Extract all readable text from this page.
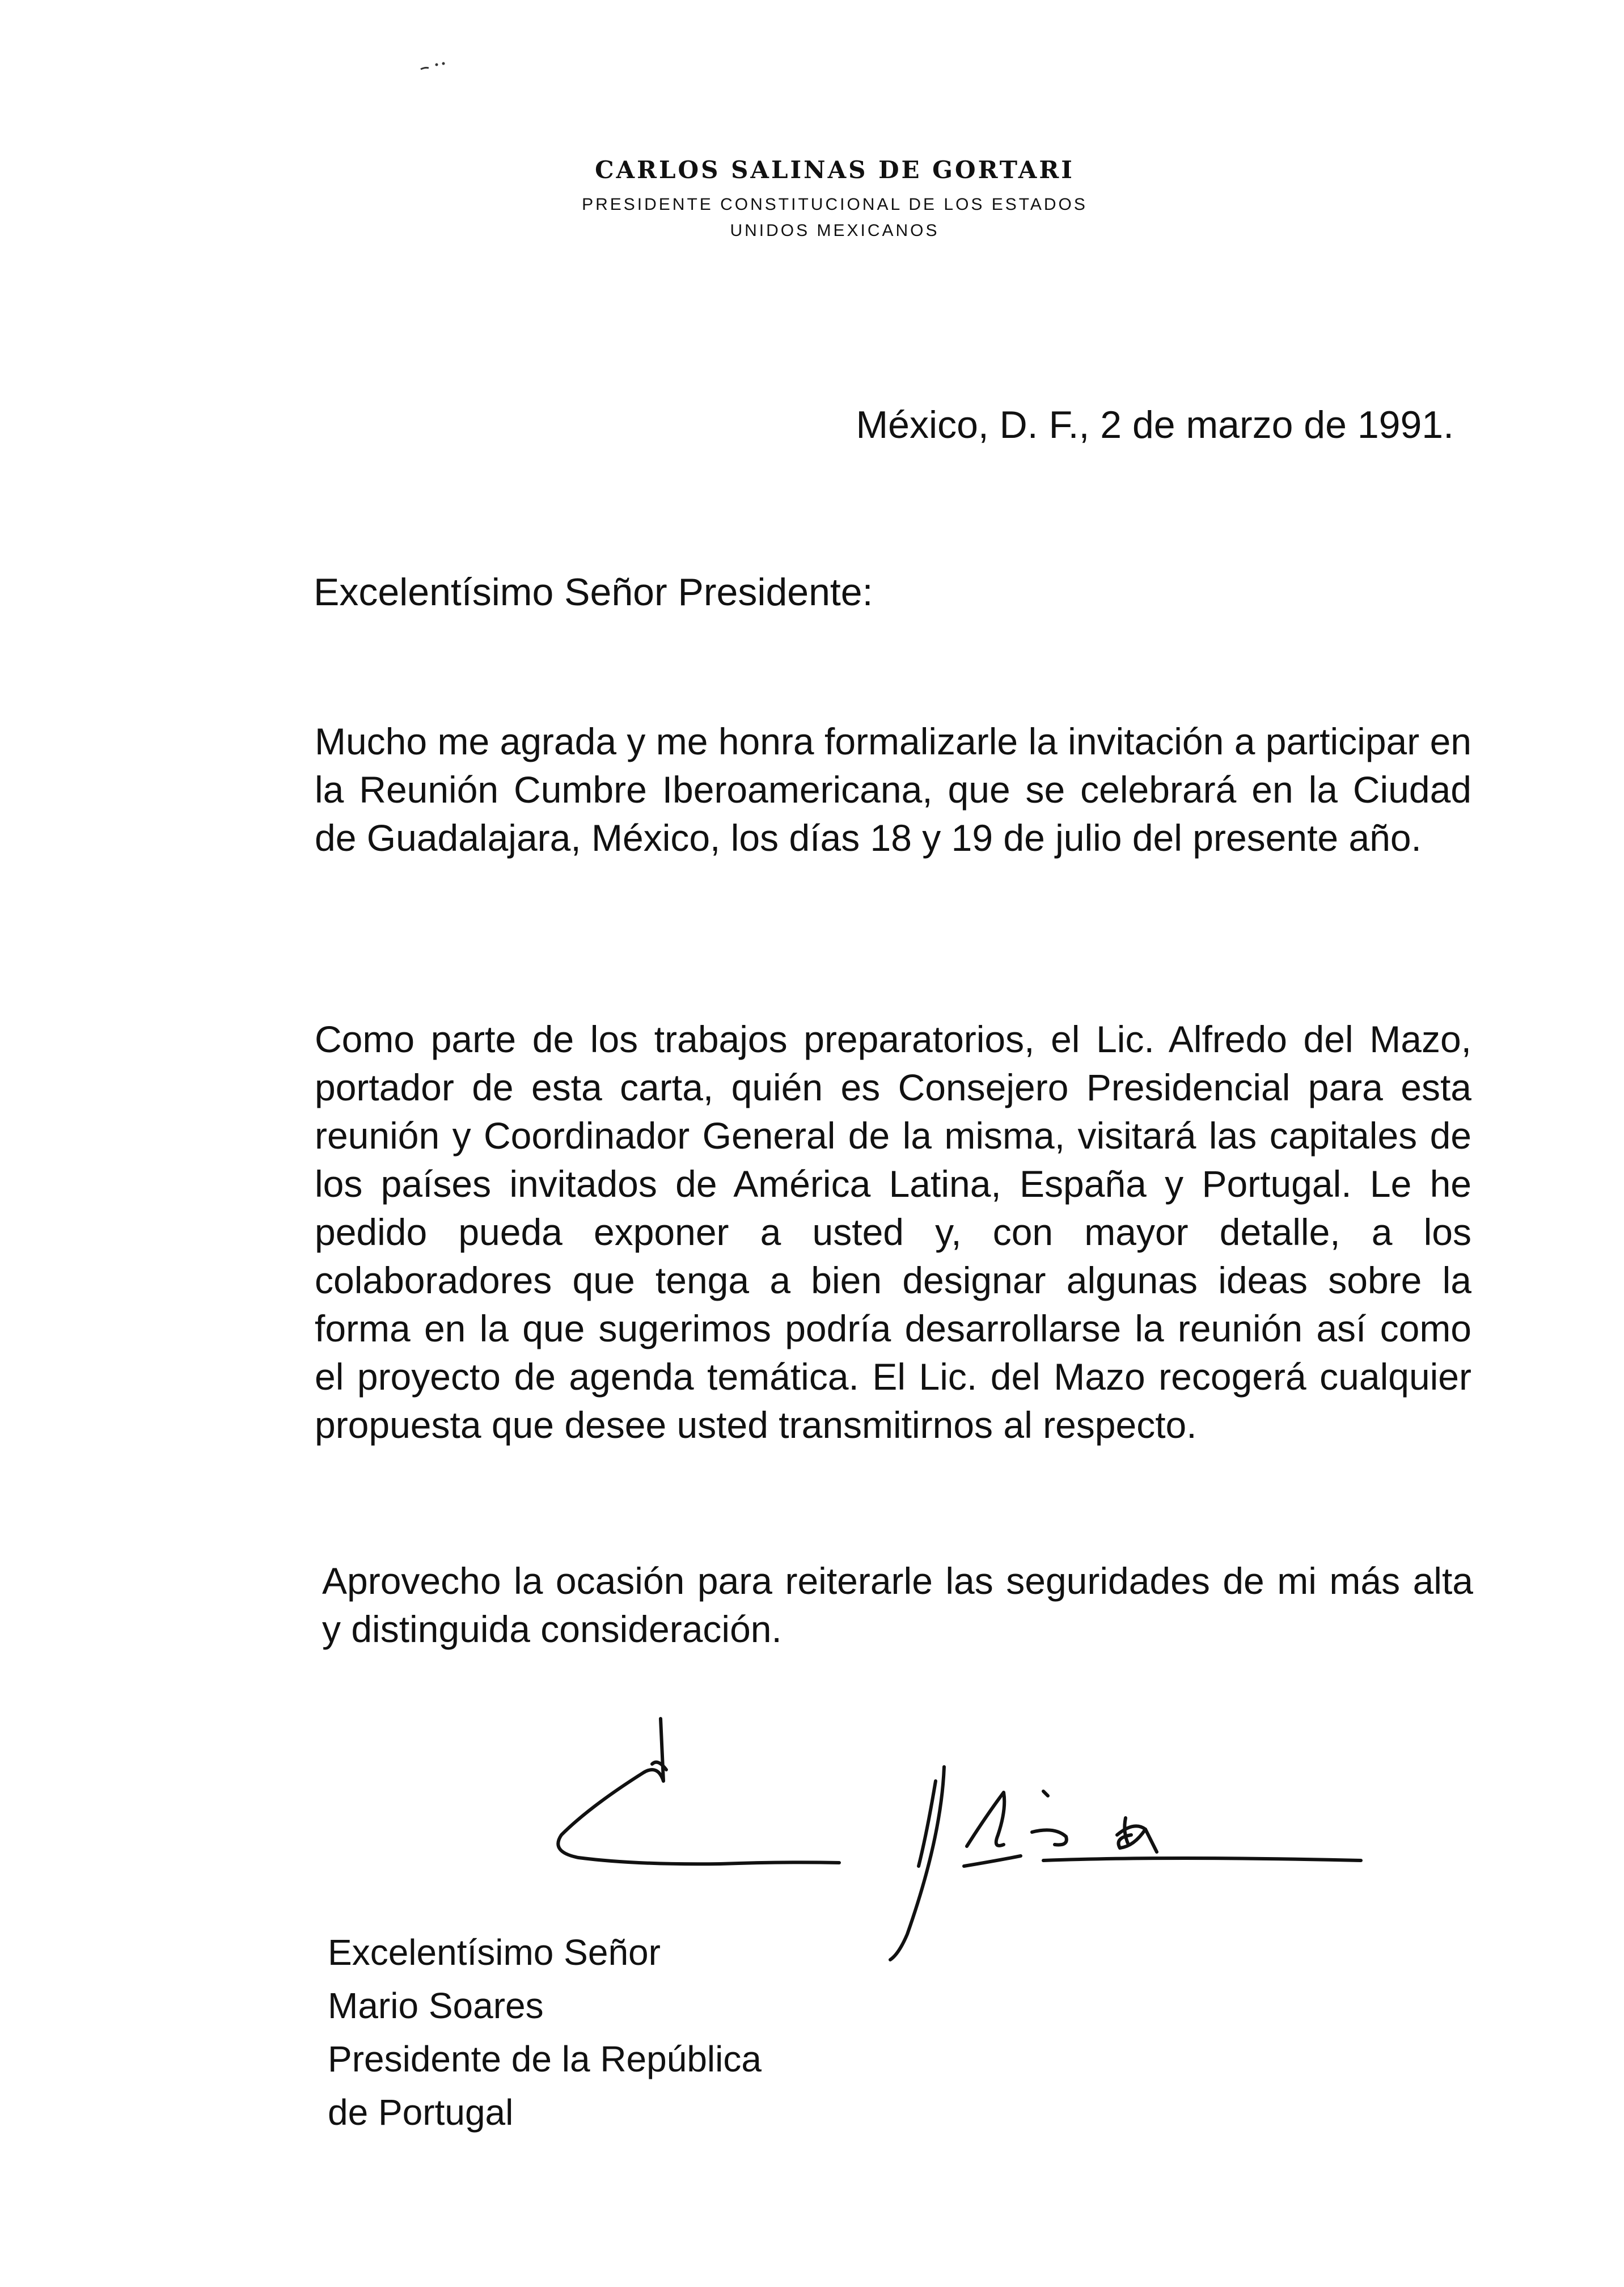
CARLOS SALINAS DE GORTARI
PRESIDENTE CONSTITUCIONAL DE LOS ESTADOS
UNIDOS MEXICANOS

México, D. F., 2 de marzo de 1991.

Excelentísimo Señor Presidente:

Mucho me agrada y me honra formalizarle la invitación a participar en la Reunión Cumbre Iberoamericana, que se celebrará en la Ciudad de Guadalajara, México, los días 18 y 19 de julio del presente año.

Como parte de los trabajos preparatorios, el Lic. Alfredo del Mazo, portador de esta carta, quién es Consejero Presidencial para esta reunión y Coordinador General de la misma, visitará las capitales de los países invitados de América Latina, España y Portugal. Le he pedido pueda exponer a usted y, con mayor detalle, a los colaboradores que tenga a bien designar algunas ideas sobre la forma en la que sugerimos podría desarrollarse la reunión así como el proyecto de agenda temática. El Lic. del Mazo recogerá cualquier propuesta que desee usted transmitirnos al respecto.

Aprovecho la ocasión para reiterarle las seguridades de mi más alta y distinguida consideración.

Excelentísimo Señor
Mario Soares
Presidente de la República
de Portugal
